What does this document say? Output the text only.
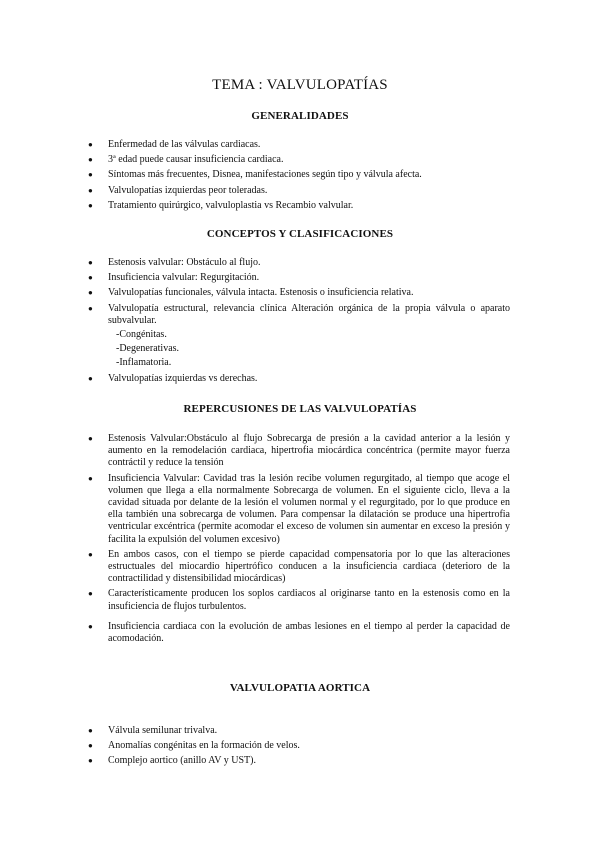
TEMA : VALVULOPATÍAS
GENERALIDADES
● Enfermedad de las válvulas cardiacas.
● 3ª edad puede causar insuficiencia cardiaca.
● Síntomas más frecuentes, Disnea, manifestaciones según tipo y válvula afecta.
● Valvulopatías izquierdas peor toleradas.
● Tratamiento quirúrgico, valvuloplastia vs Recambio valvular.
CONCEPTOS Y CLASIFICACIONES
● Estenosis valvular: Obstáculo al flujo.
● Insuficiencia valvular: Regurgitación.
● Valvulopatías funcionales, válvula intacta. Estenosis o insuficiencia relativa.
● Valvulopatía estructural, relevancia clínica Alteración orgánica de la propia válvula o aparato subvalvular.
-Congénitas.
-Degenerativas.
-Inflamatoria.
● Valvulopatías izquierdas vs derechas.
REPERCUSIONES DE LAS VALVULOPATÍAS
● Estenosis Valvular:Obstáculo al flujo Sobrecarga de presión a la cavidad anterior a la lesión y aumento en la remodelación cardiaca, hipertrofia miocárdica concéntrica (permite mayor fuerza contráctil y reduce la tensión
● Insuficiencia Valvular: Cavidad tras la lesión recibe volumen regurgitado, al tiempo que acoge el volumen que llega a ella normalmente Sobrecarga de volumen. En el siguiente ciclo, lleva a la cavidad situada por delante de la lesión el volumen normal y el regurgitado, por lo que produce en ella también una sobrecarga de volumen. Para compensar la dilatación se produce una hipertrofia ventricular excéntrica (permite acomodar el exceso de volumen sin aumentar en exceso la presión y facilita la expulsión del volumen excesivo)
● En ambos casos, con el tiempo se pierde capacidad compensatoria por lo que las alteraciones estructuales del miocardio hipertrófico conducen a la insuficiencia cardiaca (deterioro de la contractilidad y distensibilidad miocárdicas)
● Característicamente producen los soplos cardiacos al originarse tanto en la estenosis como en la insuficiencia de flujos turbulentos.
● Insuficiencia cardiaca con la evolución de ambas lesiones en el tiempo al perder la capacidad de acomodación.
VALVULOPATIA AORTICA
● Válvula semilunar trivalva.
● Anomalías congénitas en la formación de velos.
● Complejo aortico (anillo AV y UST).
